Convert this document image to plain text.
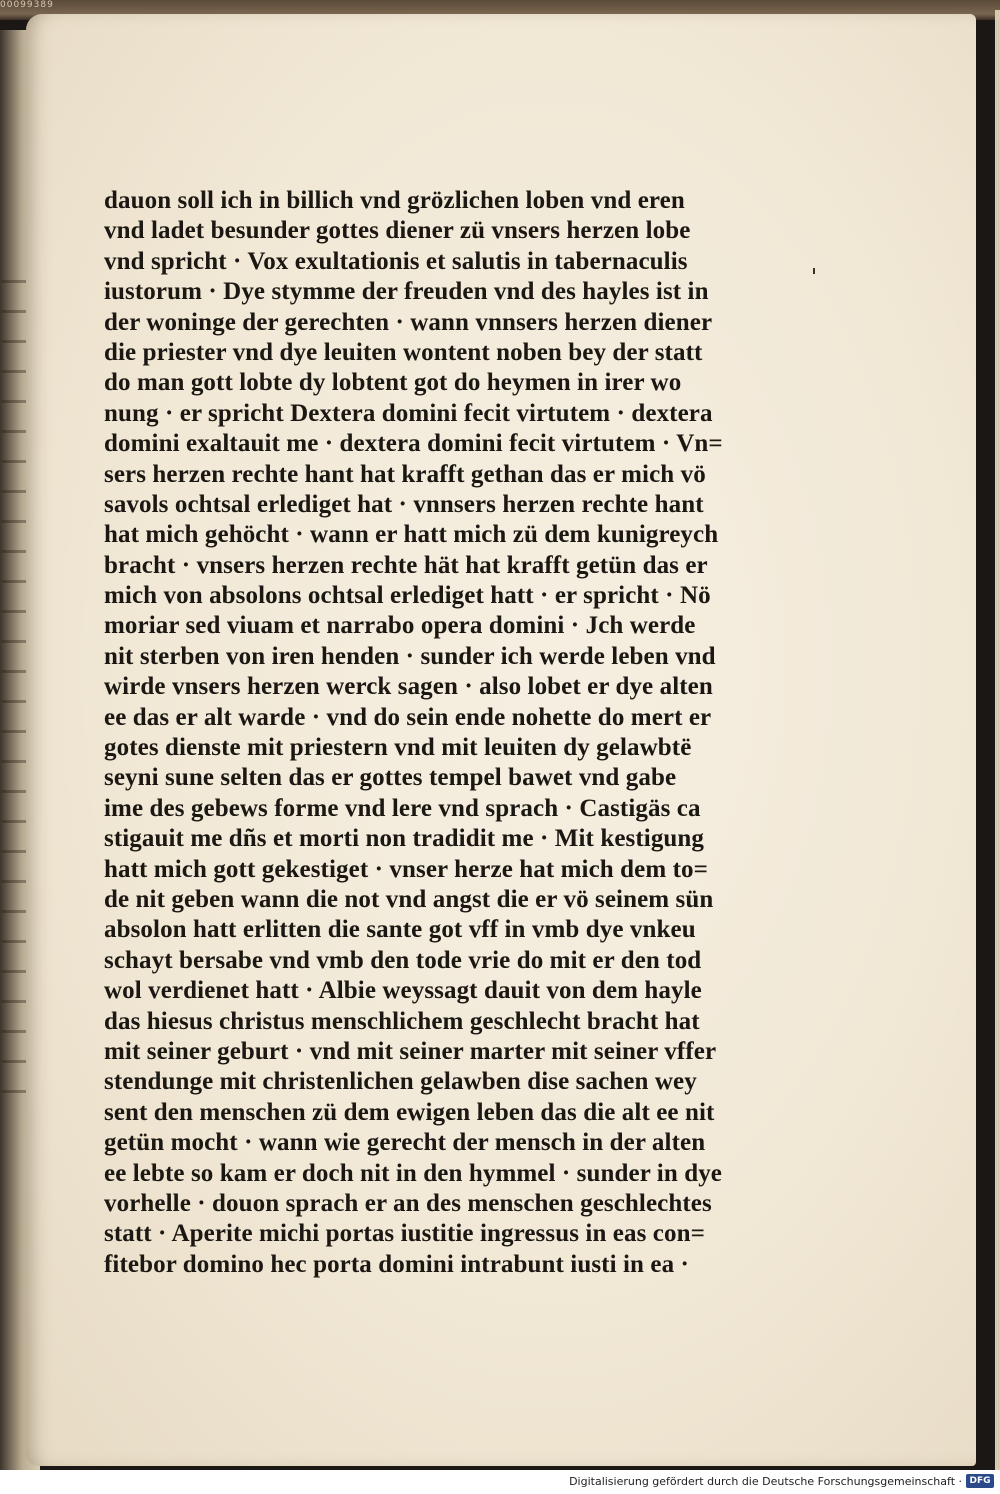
00099389
dauon soll ich in billich vnd grözlichen loben vnd eren
vnd ladet besunder gottes diener zü vnsers herzen lobe
vnd spricht · Vox exultationis et salutis in tabernaculis
iustorum · Dye stymme der freuden vnd des hayles ist in
der woninge der gerechten · wann vnnsers herzen diener
die priester vnd dye leuiten wontent noben bey der statt
do man gott lobte dy lobtent got do heymen in irer wo
nung · er spricht Dextera domini fecit virtutem · dextera
domini exaltauit me · dextera domini fecit virtutem · Vn=
sers herzen rechte hant hat krafft gethan das er mich vö
savols ochtsal erlediget hat · vnnsers herzen rechte hant
hat mich gehöcht · wann er hatt mich zü dem kunigreych
bracht · vnsers herzen rechte hät hat krafft getün das er
mich von absolons ochtsal erlediget hatt · er spricht · Nö
moriar sed viuam et narrabo opera domini · Jch werde
nit sterben von iren henden · sunder ich werde leben vnd
wirde vnsers herzen werck sagen · also lobet er dye alten
ee das er alt warde · vnd do sein ende nohette do mert er
gotes dienste mit priestern vnd mit leuiten dy gelawbtë
seyni sune selten das er gottes tempel bawet vnd gabe
ime des gebews forme vnd lere vnd sprach · Castigäs ca
stigauit me dñs et morti non tradidit me · Mit kestigung
hatt mich gott gekestiget · vnser herze hat mich dem to=
de nit geben wann die not vnd angst die er vö seinem sün
absolon hatt erlitten die sante got vff in vmb dye vnkeu
schayt bersabe vnd vmb den tode vrie do mit er den tod
wol verdienet hatt · Albie weyssagt dauit von dem hayle
das hiesus christus menschlichem geschlecht bracht hat
mit seiner geburt · vnd mit seiner marter mit seiner vffer
stendunge mit christenlichen gelawben dise sachen wey
sent den menschen zü dem ewigen leben das die alt ee nit
getün mocht · wann wie gerecht der mensch in der alten
ee lebte so kam er doch nit in den hymmel · sunder in dye
vorhelle · douon sprach er an des menschen geschlechtes
statt · Aperite michi portas iustitie ingressus in eas con=
fitebor domino hec porta domini intrabunt iusti in ea ·
Digitalisierung gefördert durch die Deutsche Forschungsgemeinschaft · DFG
